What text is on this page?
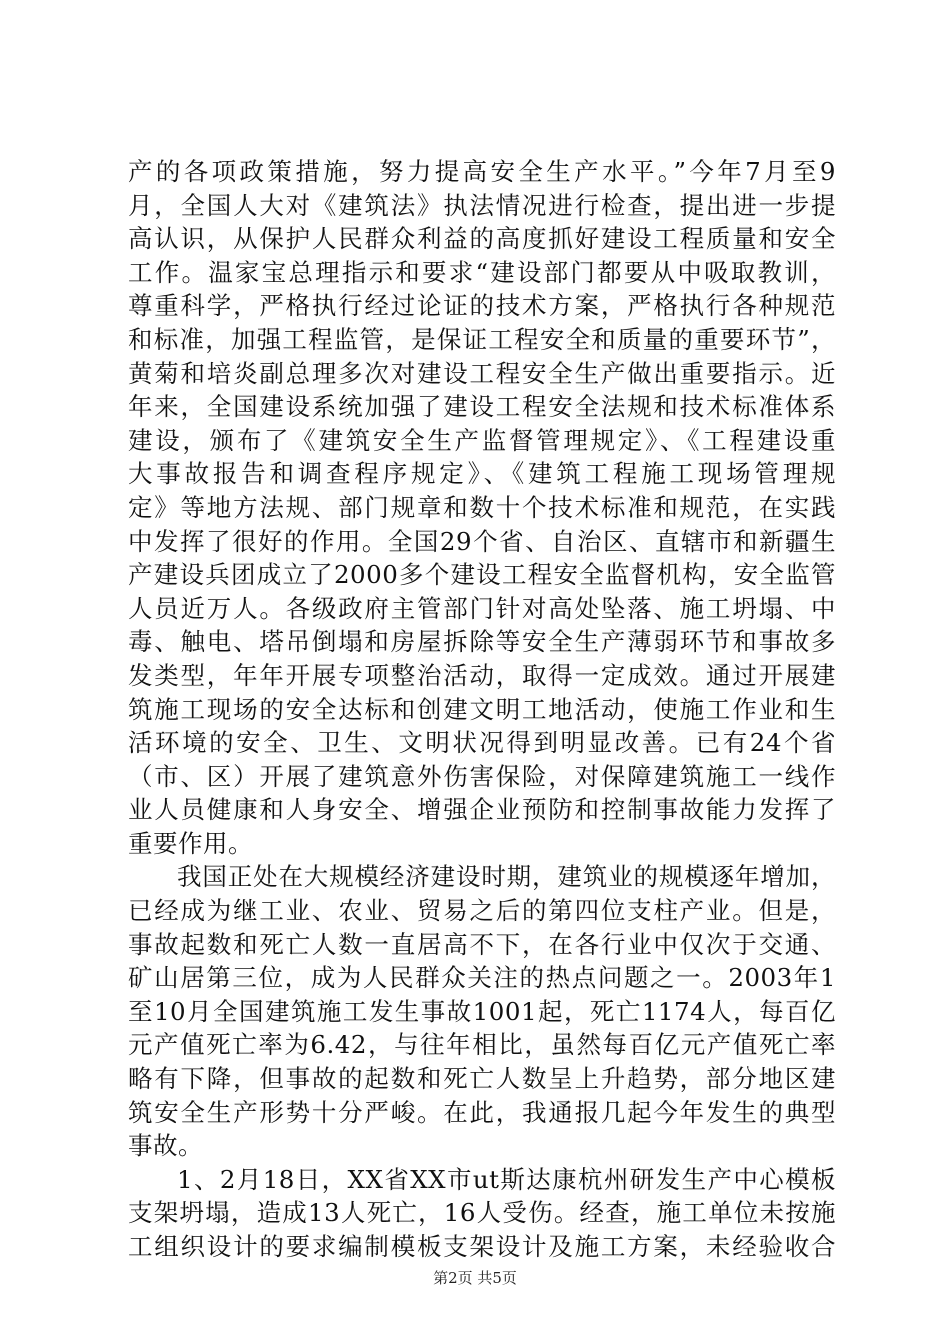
产的各项政策措施，努力提高安全生产水平。”今年7月至9
月，全国人大对《建筑法》执法情况进行检查，提出进一步提
高认识，从保护人民群众利益的高度抓好建设工程质量和安全
工作。温家宝总理指示和要求“建设部门都要从中吸取教训，
尊重科学，严格执行经过论证的技术方案，严格执行各种规范
和标准，加强工程监管，是保证工程安全和质量的重要环节”，
黄菊和培炎副总理多次对建设工程安全生产做出重要指示。近
年来，全国建设系统加强了建设工程安全法规和技术标准体系
建设，颁布了《建筑安全生产监督管理规定》、《工程建设重
大事故报告和调查程序规定》、《建筑工程施工现场管理规
定》等地方法规、部门规章和数十个技术标准和规范，在实践
中发挥了很好的作用。全国29个省、自治区、直辖市和新疆生
产建设兵团成立了2000多个建设工程安全监督机构，安全监管
人员近万人。各级政府主管部门针对高处坠落、施工坍塌、中
毒、触电、塔吊倒塌和房屋拆除等安全生产薄弱环节和事故多
发类型，年年开展专项整治活动，取得一定成效。通过开展建
筑施工现场的安全达标和创建文明工地活动，使施工作业和生
活环境的安全、卫生、文明状况得到明显改善。已有24个省
（市、区）开展了建筑意外伤害保险，对保障建筑施工一线作
业人员健康和人身安全、增强企业预防和控制事故能力发挥了
重要作用。
我国正处在大规模经济建设时期，建筑业的规模逐年增加，
已经成为继工业、农业、贸易之后的第四位支柱产业。但是，
事故起数和死亡人数一直居高不下，在各行业中仅次于交通、
矿山居第三位，成为人民群众关注的热点问题之一。2003年1
至10月全国建筑施工发生事故1001起，死亡1174人，每百亿
元产值死亡率为6.42，与往年相比，虽然每百亿元产值死亡率
略有下降，但事故的起数和死亡人数呈上升趋势，部分地区建
筑安全生产形势十分严峻。在此，我通报几起今年发生的典型
事故。
1、2月18日，XX省XX市ut斯达康杭州研发生产中心模板
支架坍塌，造成13人死亡，16人受伤。经查，施工单位未按施
工组织设计的要求编制模板支架设计及施工方案，未经验收合
第2页 共5页
